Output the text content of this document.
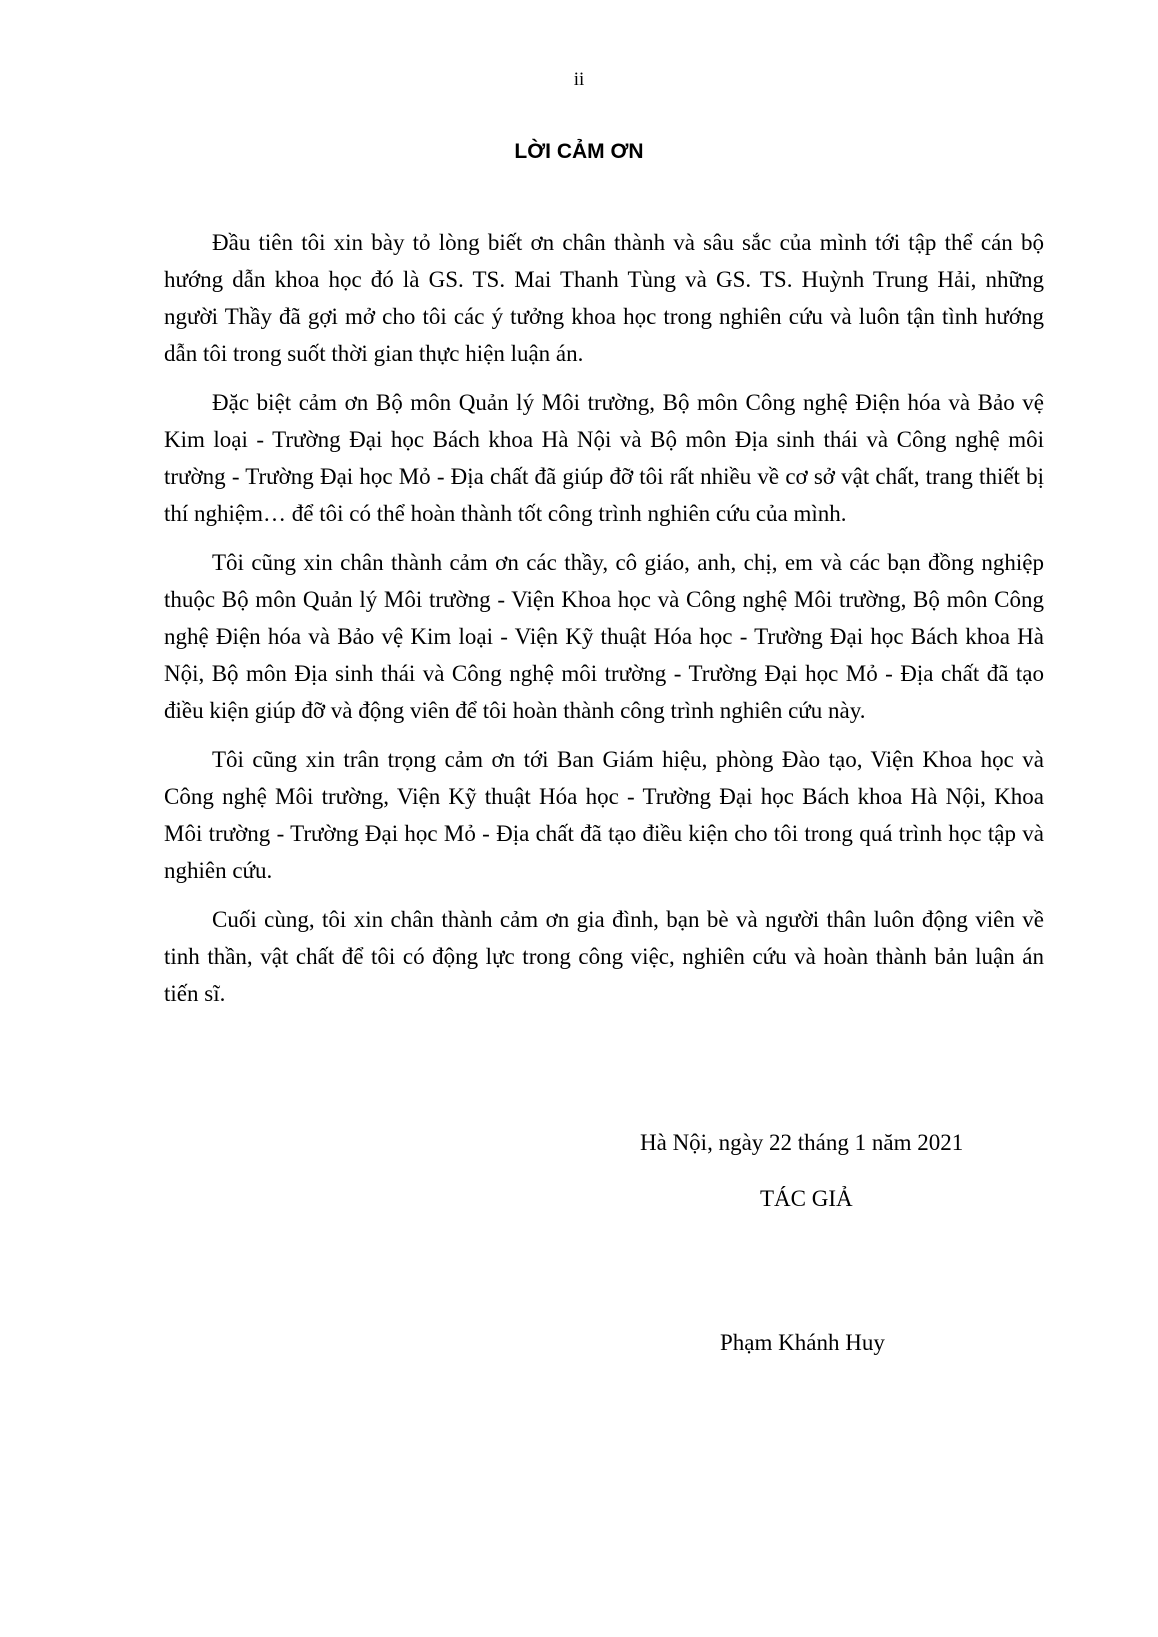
ii
LỜI CẢM ƠN

Đầu tiên tôi xin bày tỏ lòng biết ơn chân thành và sâu sắc của mình tới tập thể cán bộ hướng dẫn khoa học đó là GS. TS. Mai Thanh Tùng và GS. TS. Huỳnh Trung Hải, những người Thầy đã gợi mở cho tôi các ý tưởng khoa học trong nghiên cứu và luôn tận tình hướng dẫn tôi trong suốt thời gian thực hiện luận án.

Đặc biệt cảm ơn Bộ môn Quản lý Môi trường, Bộ môn Công nghệ Điện hóa và Bảo vệ Kim loại - Trường Đại học Bách khoa Hà Nội và Bộ môn Địa sinh thái và Công nghệ môi trường - Trường Đại học Mỏ - Địa chất đã giúp đỡ tôi rất nhiều về cơ sở vật chất, trang thiết bị thí nghiệm… để tôi có thể hoàn thành tốt công trình nghiên cứu của mình.

Tôi cũng xin chân thành cảm ơn các thầy, cô giáo, anh, chị, em và các bạn đồng nghiệp thuộc Bộ môn Quản lý Môi trường - Viện Khoa học và Công nghệ Môi trường, Bộ môn Công nghệ Điện hóa và Bảo vệ Kim loại - Viện Kỹ thuật Hóa học - Trường Đại học Bách khoa Hà Nội, Bộ môn Địa sinh thái và Công nghệ môi trường - Trường Đại học Mỏ - Địa chất đã tạo điều kiện giúp đỡ và động viên để tôi hoàn thành công trình nghiên cứu này.

Tôi cũng xin trân trọng cảm ơn tới Ban Giám hiệu, phòng Đào tạo, Viện Khoa học và Công nghệ Môi trường, Viện Kỹ thuật Hóa học - Trường Đại học Bách khoa Hà Nội, Khoa Môi trường - Trường Đại học Mỏ - Địa chất đã tạo điều kiện cho tôi trong quá trình học tập và nghiên cứu.

Cuối cùng, tôi xin chân thành cảm ơn gia đình, bạn bè và người thân luôn động viên về tinh thần, vật chất để tôi có động lực trong công việc, nghiên cứu và hoàn thành bản luận án tiến sĩ.

Hà Nội, ngày 22 tháng 1 năm 2021
TÁC GIẢ
Phạm Khánh Huy
